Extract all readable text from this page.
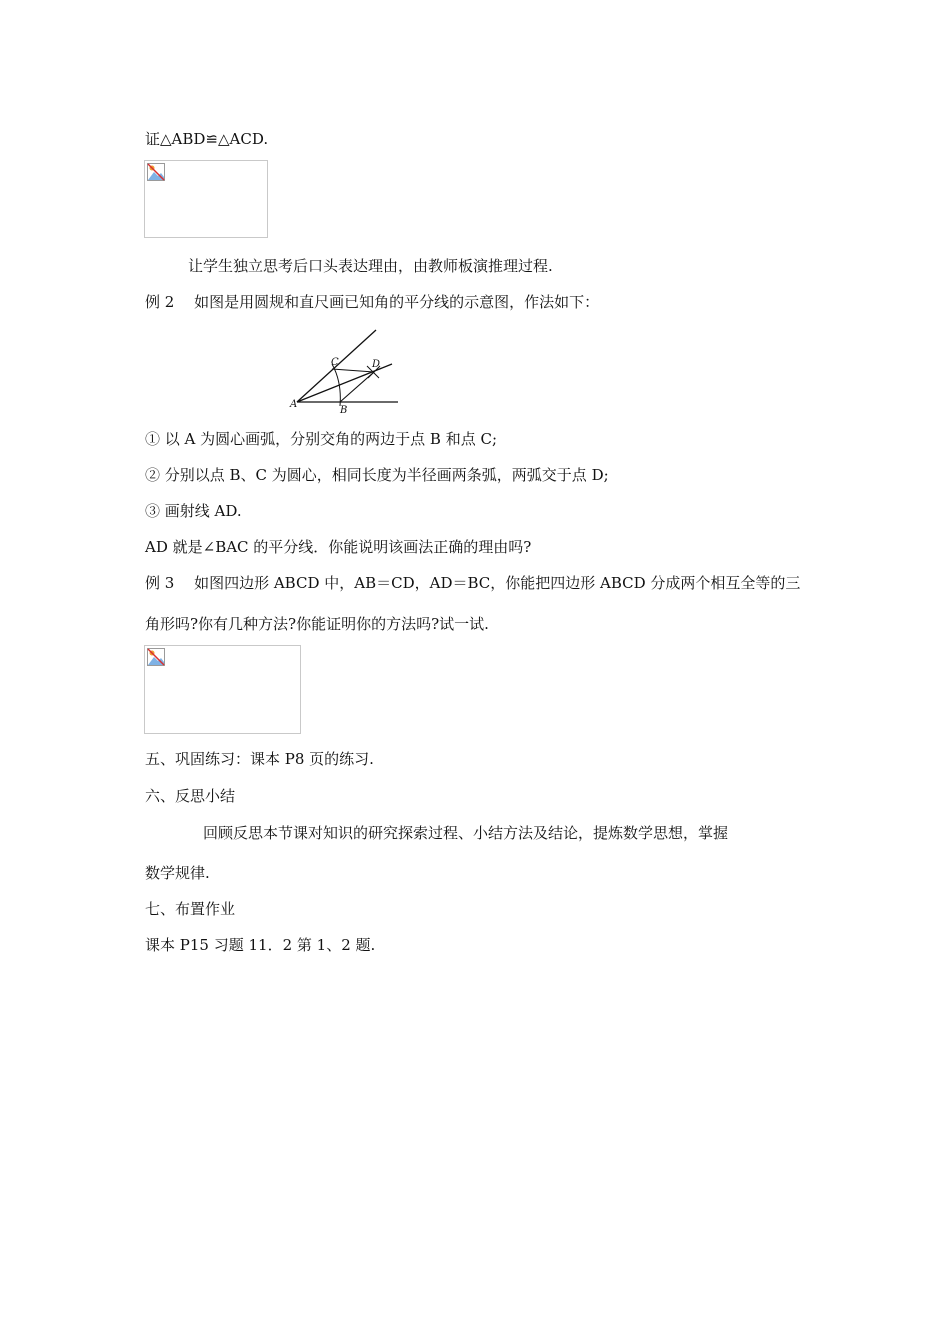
证△ABD≌△ACD.
让学生独立思考后口头表达理由，由教师板演推理过程.
例 2　 如图是用圆规和直尺画已知角的平分线的示意图，作法如下：
A
B
C	D
① 以 A 为圆心画弧，分别交角的两边于点 B 和点 C;
② 分别以点 B、C 为圆心，相同长度为半径画两条弧，两弧交于点 D;
③ 画射线 AD.
AD 就是∠BAC 的平分线．你能说明该画法正确的理由吗?
例 3　 如图四边形 ABCD 中，AB＝CD，AD＝BC，你能把四边形 ABCD 分成两个相互全等的三
角形吗?你有几种方法?你能证明你的方法吗?试一试.
五、巩固练习：课本 P8 页的练习.
六、反思小结
回顾反思本节课对知识的研究探索过程、小结方法及结论，提炼数学思想，掌握
数学规律.
七、布置作业
课本 P15 习题 11．2 第 1、2 题.
